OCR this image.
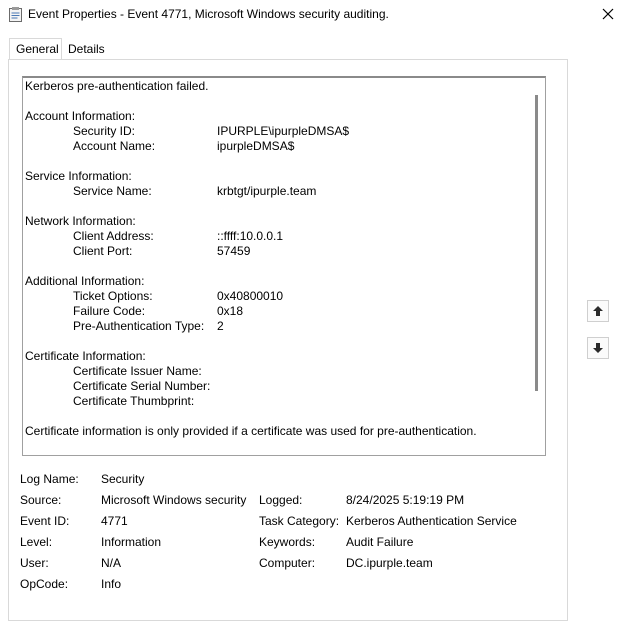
Event Properties - Event 4771, Microsoft Windows security auditing.
General Details
Kerberos pre-authentication failed.
Account Information:
Security ID:	IPURPLE\ipurpleDMSA$
Account Name:	ipurpleDMSA$
Service Information:
Service Name:	krbtgt/ipurple.team
Network Information:
Client Address:	::ffff:10.0.0.1
Client Port:	57459
Additional Information:
Ticket Options:	0x40800010
Failure Code:	0x18
Pre-Authentication Type: 2
Certificate Information:
Certificate Issuer Name:
Certificate Serial Number:
Certificate Thumbprint:
Certificate information is only provided if a certificate was used for pre-authentication.
Log Name: Security
Source:	Microsoft Windows security Logged:	8/24/2025 5:19:19 PM
Event ID:	4771	Task Category: Kerberos Authentication Service
Level:	Information	Keywords:	Audit Failure
User:	N/A	Computer:	DC.ipurple.team
OpCode:	Info
